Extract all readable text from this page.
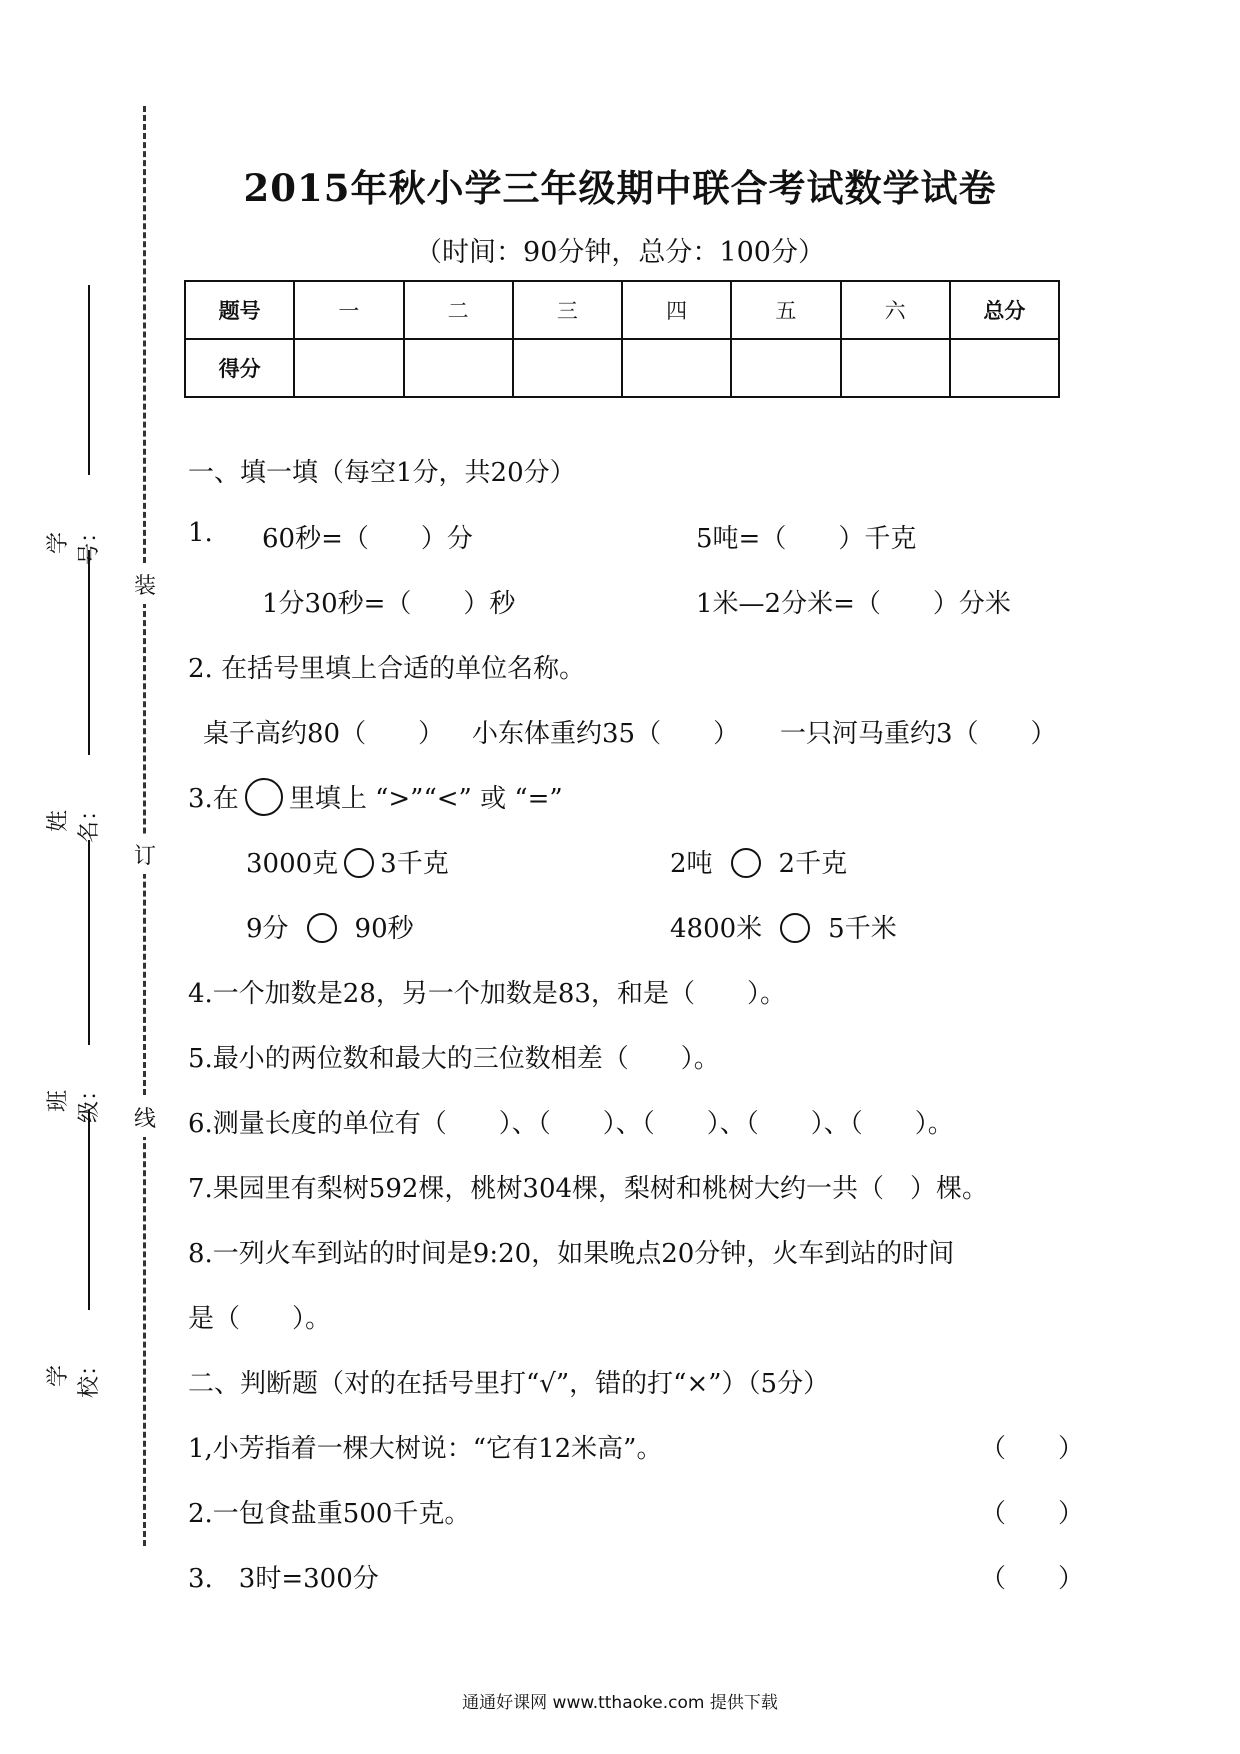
装
订
线
学号：
姓名：
班级：
学校：
2015年秋小学三年级期中联合考试数学试卷
（时间：90分钟，总分：100分）
题号	一	二	三	四	五	六	总分
得分							
一、填一填（每空1分，共20分）
1. 60秒=（　　）分	5吨=（　　）千克
1分30秒=（　　）秒	1米—2分米=（　　）分米
2. 在括号里填上合适的单位名称。
桌子高约80（　　） 小东体重约35（　　） 一只河马重约3（　　）
3.在 里填上 “>”“<” 或 “=”
3000克 3千克	2吨	2千克
9分	90秒	4800米	5千米
4.一个加数是28，另一个加数是83，和是（　　）。
5.最小的两位数和最大的三位数相差（　　）。
6.测量长度的单位有（　　）、（　　）、（　　）、（　　）、（　　）。
7.果园里有梨树592棵，桃树304棵，梨树和桃树大约一共（　）棵。
8.一列火车到站的时间是9:20，如果晚点20分钟，火车到站的时间
是（　　）。
二、判断题（对的在括号里打“√”，错的打“×”）（5分）
1,小芳指着一棵大树说：“它有12米高”。	（　　）
2.一包食盐重500千克。	（　　）
3.　3时=300分	（　　）
通通好课网 www.tthaoke.com 提供下载
